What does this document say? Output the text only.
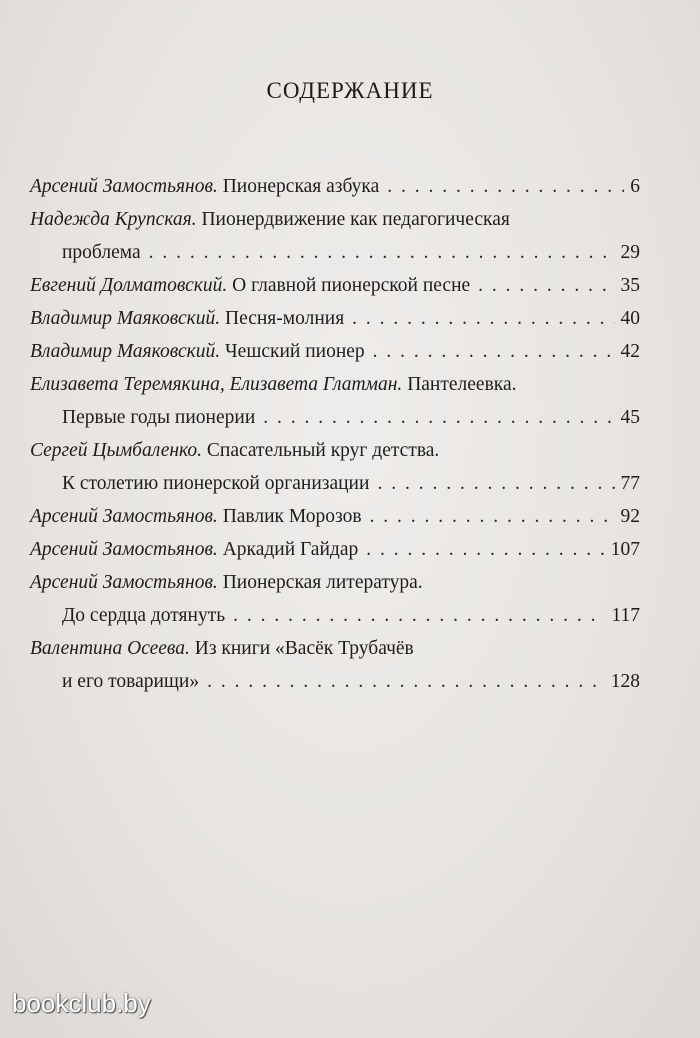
СОДЕРЖАНИЕ
Арсений Замостьянов. Пионерская азбука . . .	6
Надежда Крупская. Пионердвижение как педагогическая
проблема . . .	29
Евгений Долматовский. О главной пионерской песне . . .	35
Владимир Маяковский. Песня-молния . . .	40
Владимир Маяковский. Чешский пионер . . .	42
Елизавета Теремякина, Елизавета Глатман. Пантелеевка.
Первые годы пионерии . . .	45
Сергей Цымбаленко. Спасательный круг детства.
К столетию пионерской организации . . .	77
Арсений Замостьянов. Павлик Морозов . . .	92
Арсений Замостьянов. Аркадий Гайдар . . .	107
Арсений Замостьянов. Пионерская литература.
До сердца дотянуть . . .	117
Валентина Осеева. Из книги «Васёк Трубачёв
и его товарищи» . . .	128
bookclub.by
